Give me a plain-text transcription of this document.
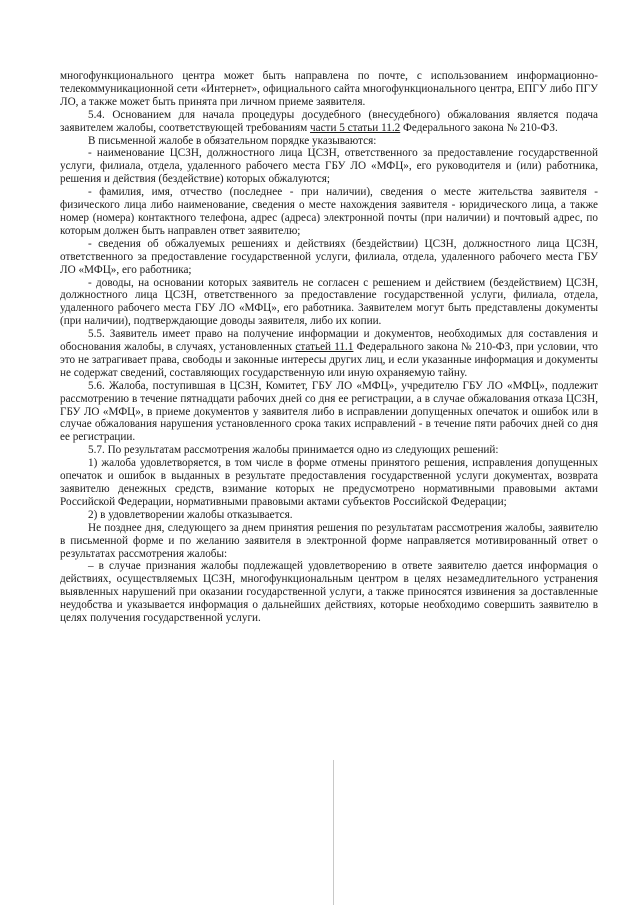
многофункционального центра может быть направлена по почте, с использованием информационно-телекоммуникационной сети «Интернет», официального сайта многофункционального центра, ЕПГУ либо ПГУ ЛО, а также может быть принята при личном приеме заявителя.

5.4. Основанием для начала процедуры досудебного (внесудебного) обжалования является подача заявителем жалобы, соответствующей требованиям части 5 статьи 11.2 Федерального закона № 210-ФЗ.

В письменной жалобе в обязательном порядке указываются:

- наименование ЦСЗН, должностного лица ЦСЗН, ответственного за предоставление государственной услуги, филиала, отдела, удаленного рабочего места ГБУ ЛО «МФЦ», его руководителя и (или) работника, решения и действия (бездействие) которых обжалуются;

- фамилия, имя, отчество (последнее - при наличии), сведения о месте жительства заявителя - физического лица либо наименование, сведения о месте нахождения заявителя - юридического лица, а также номер (номера) контактного телефона, адрес (адреса) электронной почты (при наличии) и почтовый адрес, по которым должен быть направлен ответ заявителю;

- сведения об обжалуемых решениях и действиях (бездействии) ЦСЗН, должностного лица ЦСЗН, ответственного за предоставление государственной услуги, филиала, отдела, удаленного рабочего места ГБУ ЛО «МФЦ», его работника;

- доводы, на основании которых заявитель не согласен с решением и действием (бездействием) ЦСЗН, должностного лица ЦСЗН, ответственного за предоставление государственной услуги, филиала, отдела, удаленного рабочего места ГБУ ЛО «МФЦ», его работника. Заявителем могут быть представлены документы (при наличии), подтверждающие доводы заявителя, либо их копии.

5.5. Заявитель имеет право на получение информации и документов, необходимых для составления и обоснования жалобы, в случаях, установленных статьей 11.1 Федерального закона № 210-ФЗ, при условии, что это не затрагивает права, свободы и законные интересы других лиц, и если указанные информация и документы не содержат сведений, составляющих государственную или иную охраняемую тайну.

5.6. Жалоба, поступившая в ЦСЗН, Комитет, ГБУ ЛО «МФЦ», учредителю ГБУ ЛО «МФЦ», подлежит рассмотрению в течение пятнадцати рабочих дней со дня ее регистрации, а в случае обжалования отказа ЦСЗН, ГБУ ЛО «МФЦ», в приеме документов у заявителя либо в исправлении допущенных опечаток и ошибок или в случае обжалования нарушения установленного срока таких исправлений - в течение пяти рабочих дней со дня ее регистрации.

5.7. По результатам рассмотрения жалобы принимается одно из следующих решений:

1) жалоба удовлетворяется, в том числе в форме отмены принятого решения, исправления допущенных опечаток и ошибок в выданных в результате предоставления государственной услуги документах, возврата заявителю денежных средств, взимание которых не предусмотрено нормативными правовыми актами Российской Федерации, нормативными правовыми актами субъектов Российской Федерации;

2) в удовлетворении жалобы отказывается.

Не позднее дня, следующего за днем принятия решения по результатам рассмотрения жалобы, заявителю в письменной форме и по желанию заявителя в электронной форме направляется мотивированный ответ о результатах рассмотрения жалобы:

– в случае признания жалобы подлежащей удовлетворению в ответе заявителю дается информация о действиях, осуществляемых ЦСЗН, многофункциональным центром в целях незамедлительного устранения выявленных нарушений при оказании государственной услуги, а также приносятся извинения за доставленные неудобства и указывается информация о дальнейших действиях, которые необходимо совершить заявителю в целях получения государственной услуги.
